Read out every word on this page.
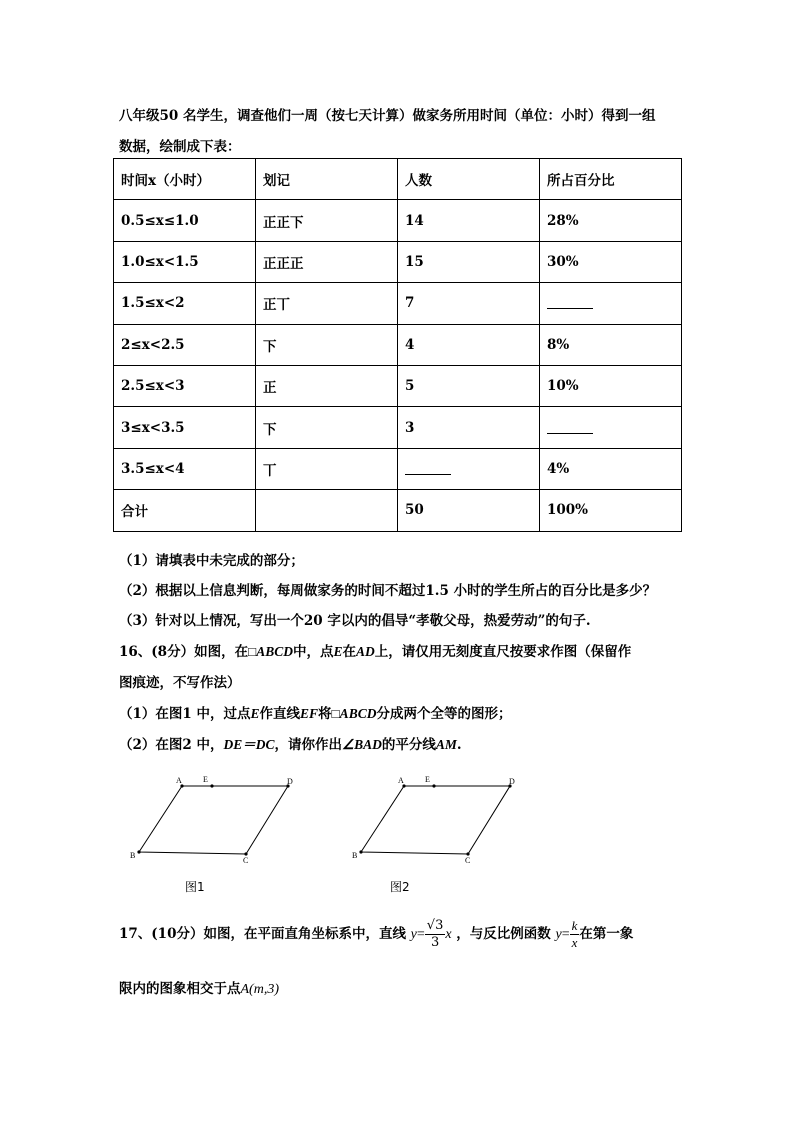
八年级50 名学生，调查他们一周（按七天计算）做家务所用时间（单位：小时）得到一组
数据，绘制成下表：
时间x（小时）	划记	人数	所占百分比
0.5≤x≤1.0	正正下	14	28%
1.0≤x<1.5	正正正	15	30%
1.5≤x<2	正丅	7	
2≤x<2.5	下	4	8%
2.5≤x<3	正	5	10%
3≤x<3.5	下	3	
3.5≤x<4	丅		4%
合计		50	100%
（1）请填表中未完成的部分；
（2）根据以上信息判断，每周做家务的时间不超过1.5 小时的学生所占的百分比是多少？
（3）针对以上情况，写出一个20 字以内的倡导“孝敬父母，热爱劳动”的句子.
16、(8分）如图，在□ABCD中，点E在AD上，请仅用无刻度直尺按要求作图（保留作
图痕迹，不写作法）
（1）在图1 中，过点E作直线EF将□ABCD分成两个全等的图形；
（2）在图2 中，DE＝DC，请你作出∠BAD的平分线AM.
A	E	D
B
C
图1
A	E	D
B
C
图2
17、(10分）如图，在平面直角坐标系中，直线 $y= \frac{√3}{3}$ x ，与反比例函数 $y= \frac{k}{x}$ 在第一象
限内的图象相交于点A(m,3)
